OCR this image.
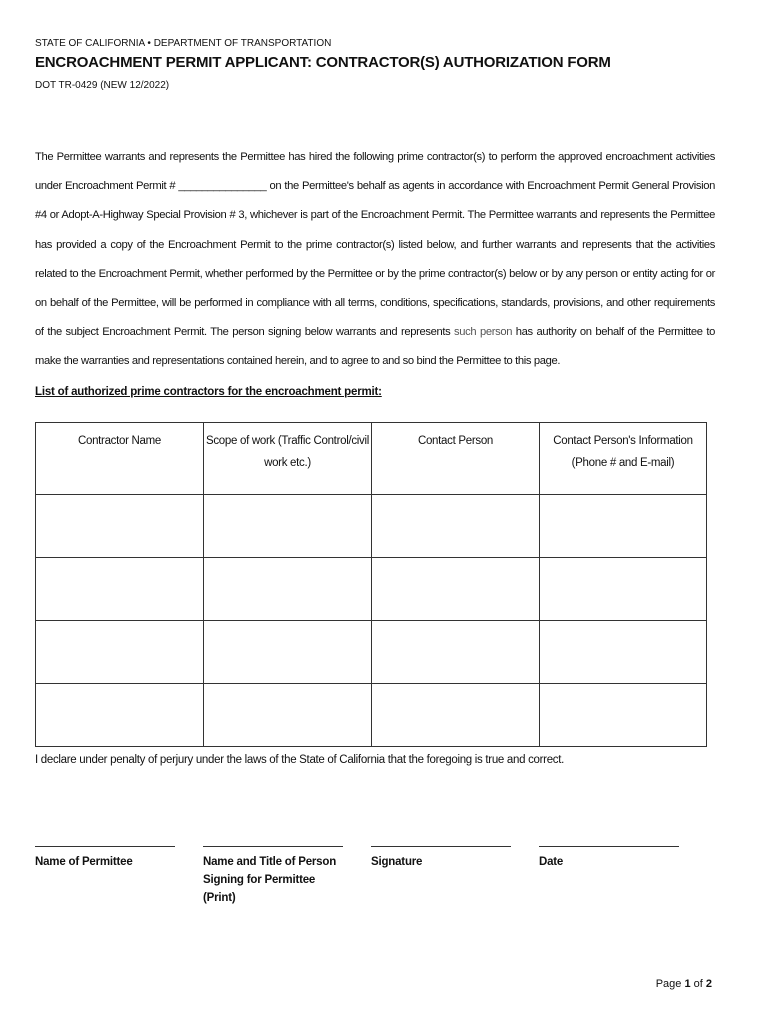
STATE OF CALIFORNIA • DEPARTMENT OF TRANSPORTATION
ENCROACHMENT PERMIT APPLICANT: CONTRACTOR(S) AUTHORIZATION FORM
DOT TR-0429 (NEW 12/2022)
The Permittee warrants and represents the Permittee has hired the following prime contractor(s) to perform the approved encroachment activities under Encroachment Permit # _______________ on the Permittee's behalf as agents in accordance with Encroachment Permit General Provision #4 or Adopt-A-Highway Special Provision # 3, whichever is part of the Encroachment Permit. The Permittee warrants and represents the Permittee has provided a copy of the Encroachment Permit to the prime contractor(s) listed below, and further warrants and represents that the activities related to the Encroachment Permit, whether performed by the Permittee or by the prime contractor(s) below or by any person or entity acting for or on behalf of the Permittee, will be performed in compliance with all terms, conditions, specifications, standards, provisions, and other requirements of the subject Encroachment Permit. The person signing below warrants and represents such person has authority on behalf of the Permittee to make the warranties and representations contained herein, and to agree to and so bind the Permittee to this page.
List of authorized prime contractors for the encroachment permit:
Contractor Name	Scope of work (Traffic Control/civil work etc.)	Contact Person	Contact Person's Information
(Phone # and E-mail)

I declare under penalty of perjury under the laws of the State of California that the foregoing is true and correct.
Name of Permittee	Name and Title of Person
Signing for Permittee (Print)
Signature	Date
Page 1 of 2
